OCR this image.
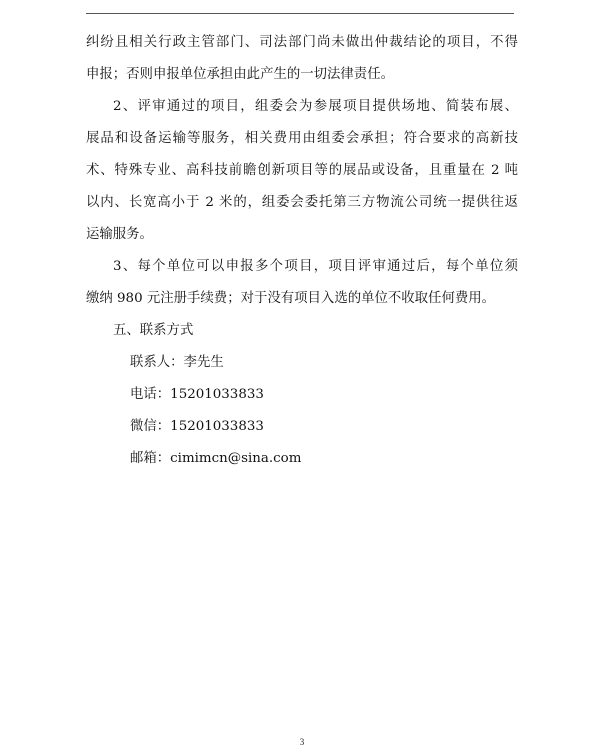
纠纷且相关行政主管部门、司法部门尚未做出仲裁结论的项目，不得
申报；否则申报单位承担由此产生的一切法律责任。
2、评审通过的项目，组委会为参展项目提供场地、简装布展、
展品和设备运输等服务，相关费用由组委会承担；符合要求的高新技
术、特殊专业、高科技前瞻创新项目等的展品或设备，且重量在 2 吨
以内、长宽高小于 2 米的，组委会委托第三方物流公司统一提供往返
运输服务。
3、每个单位可以申报多个项目，项目评审通过后，每个单位须
缴纳 980 元注册手续费；对于没有项目入选的单位不收取任何费用。
五、联系方式
联系人：李先生
电话：15201033833
微信：15201033833
邮箱：cimimcn@sina.com
3
